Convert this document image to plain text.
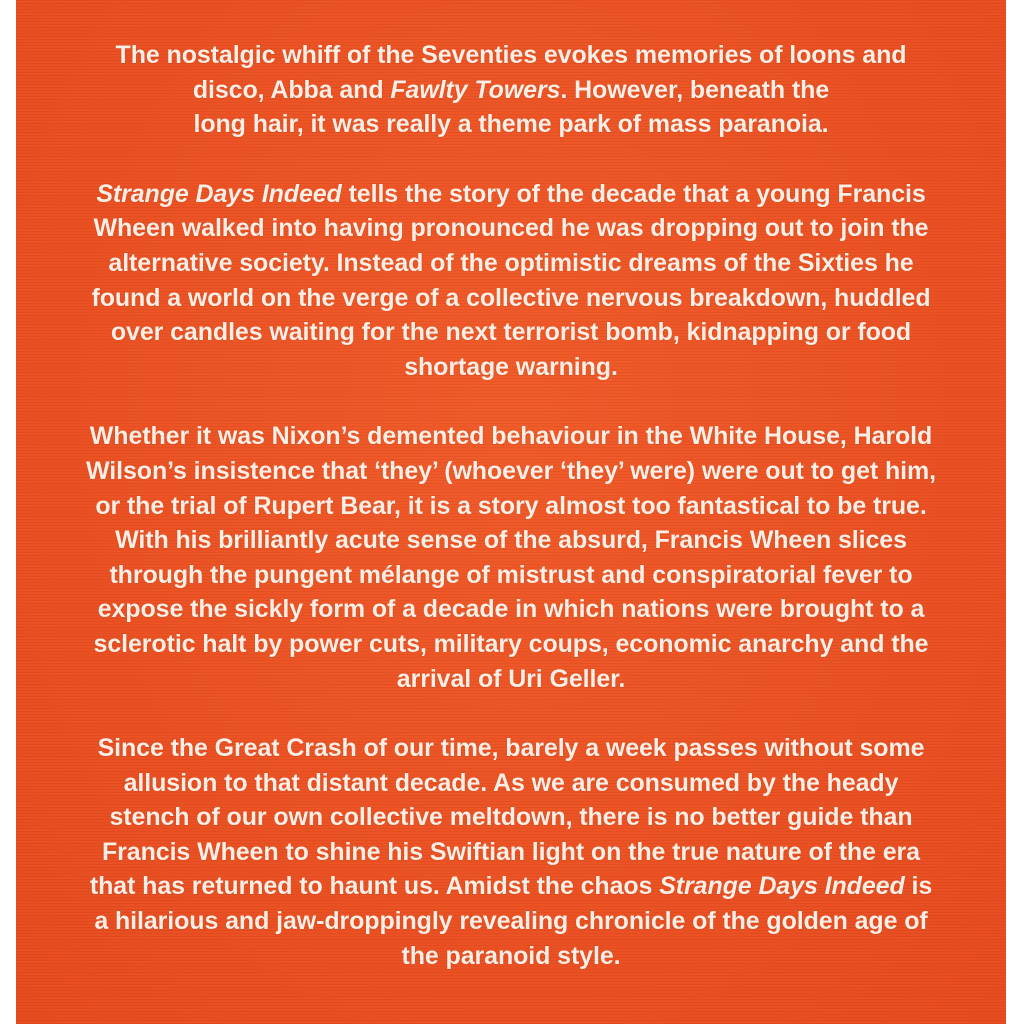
The nostalgic whiff of the Seventies evokes memories of loons and
disco, Abba and Fawlty Towers. However, beneath the
long hair, it was really a theme park of mass paranoia.
Strange Days Indeed tells the story of the decade that a young Francis
Wheen walked into having pronounced he was dropping out to join the
alternative society. Instead of the optimistic dreams of the Sixties he
found a world on the verge of a collective nervous breakdown, huddled
over candles waiting for the next terrorist bomb, kidnapping or food
shortage warning.
Whether it was Nixon’s demented behaviour in the White House, Harold
Wilson’s insistence that ‘they’ (whoever ‘they’ were) were out to get him,
or the trial of Rupert Bear, it is a story almost too fantastical to be true.
With his brilliantly acute sense of the absurd, Francis Wheen slices
through the pungent mélange of mistrust and conspiratorial fever to
expose the sickly form of a decade in which nations were brought to a
sclerotic halt by power cuts, military coups, economic anarchy and the
arrival of Uri Geller.
Since the Great Crash of our time, barely a week passes without some
allusion to that distant decade. As we are consumed by the heady
stench of our own collective meltdown, there is no better guide than
Francis Wheen to shine his Swiftian light on the true nature of the era
that has returned to haunt us. Amidst the chaos Strange Days Indeed is
a hilarious and jaw-droppingly revealing chronicle of the golden age of
the paranoid style.
